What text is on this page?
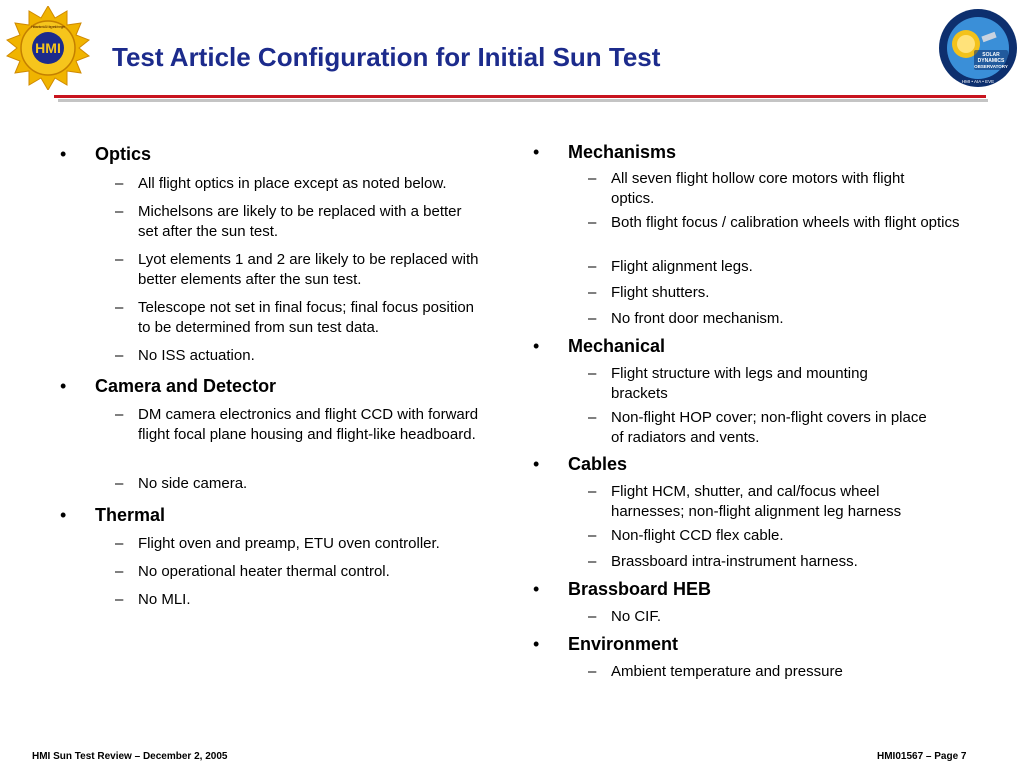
HMI
Helioseismic & Magnetic Imager
Test Article Configuration for Initial Sun Test	SOLAR
DYNAMICS
OBSERVATORY
HMI • AIA • EVE
• Optics
– All flight optics in place except as noted below.
– Michelsons are likely to be replaced with a better set after the sun test.
– Lyot elements 1 and 2 are likely to be replaced with better elements after the sun test.
– Telescope not set in final focus; final focus position to be determined from sun test data.
– No ISS actuation.
• Camera and Detector
– DM camera electronics and flight CCD with forward flight focal plane housing and flight-like headboard.
– No side camera.
• Thermal
– Flight oven and preamp, ETU oven controller.
– No operational heater thermal control.
– No MLI.
• Mechanisms
– All seven flight hollow core motors with flight optics.
– Both flight focus / calibration wheels with flight optics
– Flight alignment legs.
– Flight shutters.
– No front door mechanism.
• Mechanical
– Flight structure with legs and mounting brackets
– Non-flight HOP cover; non-flight covers in place of radiators and vents.
• Cables
– Flight HCM, shutter, and cal/focus wheel harnesses; non-flight alignment leg harness
– Non-flight CCD flex cable.
– Brassboard intra-instrument harness.
• Brassboard HEB
– No CIF.
• Environment
– Ambient temperature and pressure
HMI Sun Test Review – December 2, 2005	HMI01567 – Page 7
